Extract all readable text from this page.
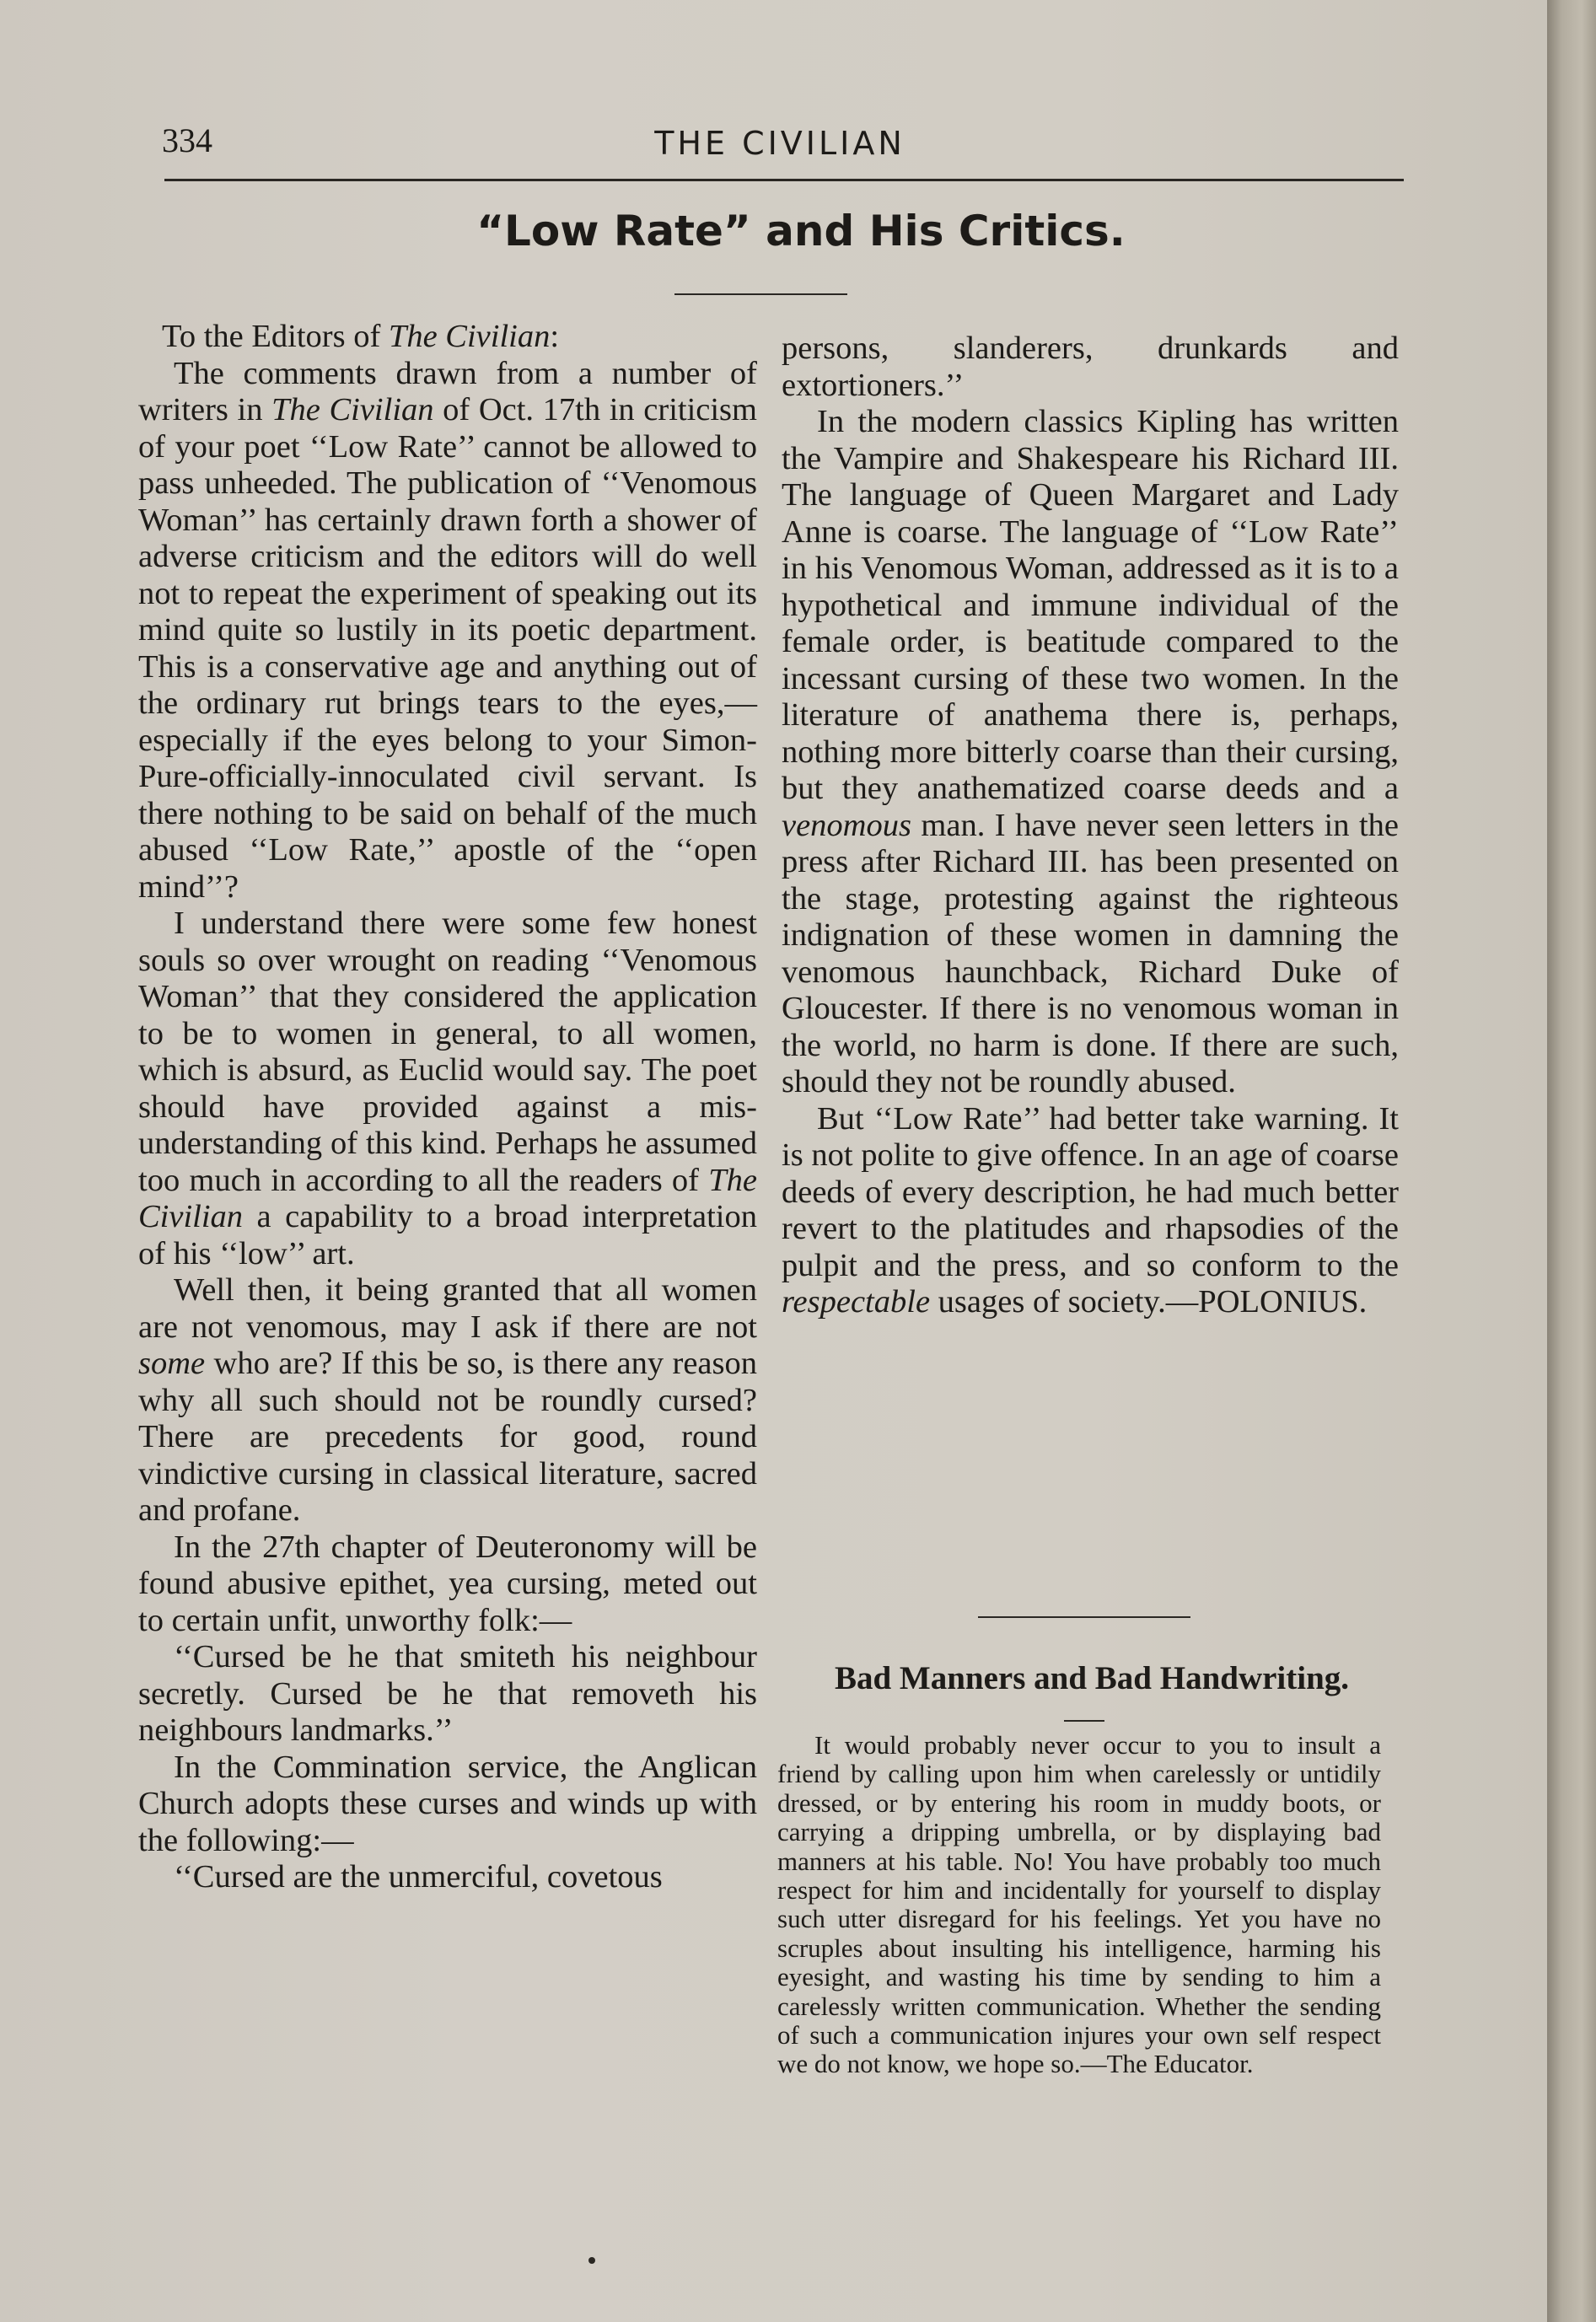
334	THE CIVILIAN
“Low Rate” and His Critics.

To the Editors of The Civilian:

The comments drawn from a number of writers in The Civilian of Oct. 17th in criticism of your poet ‘‘Low Rate’’ cannot be allowed to pass unheeded. The publication of ‘‘Venomous Woman’’ has certainly drawn forth a shower of adverse criticism and the editors will do well not to repeat the experiment of speaking out its mind quite so lustily in its poetic department. This is a conservative age and anything out of the ordinary rut brings tears to the eyes,—especially if the eyes belong to your Simon-Pure-officially-innoculated civil servant. Is there nothing to be said on behalf of the much abused ‘‘Low Rate,’’ apostle of the ‘‘open mind’’?

I understand there were some few honest souls so over wrought on reading ‘‘Venomous Woman’’ that they considered the application to be to women in general, to all women, which is absurd, as Euclid would say. The poet should have provided against a mis-understanding of this kind. Perhaps he assumed too much in according to all the readers of The Civilian a capability to a broad interpretation of his ‘‘low’’ art.

Well then, it being granted that all women are not venomous, may I ask if there are not some who are? If this be so, is there any reason why all such should not be roundly cursed? There are precedents for good, round vindictive cursing in classical literature, sacred and profane.

In the 27th chapter of Deuteronomy will be found abusive epithet, yea cursing, meted out to certain unfit, unworthy folk:—

‘‘Cursed be he that smiteth his neighbour secretly. Cursed be he that removeth his neighbours landmarks.’’

In the Commination service, the Anglican Church adopts these curses and winds up with the following:—

‘‘Cursed are the unmerciful, covetous

persons, slanderers, drunkards and extortioners.’’

In the modern classics Kipling has written the Vampire and Shakespeare his Richard III. The language of Queen Margaret and Lady Anne is coarse. The language of ‘‘Low Rate’’ in his Venomous Woman, addressed as it is to a hypothetical and immune individual of the female order, is beatitude compared to the incessant cursing of these two women. In the literature of anathema there is, perhaps, nothing more bitterly coarse than their cursing, but they anathematized coarse deeds and a venomous man. I have never seen letters in the press after Richard III. has been presented on the stage, protesting against the righteous indignation of these women in damning the venomous haunchback, Richard Duke of Gloucester. If there is no venomous woman in the world, no harm is done. If there are such, should they not be roundly abused.

But ‘‘Low Rate’’ had better take warning. It is not polite to give offence. In an age of coarse deeds of every description, he had much better revert to the platitudes and rhapsodies of the pulpit and the press, and so conform to the respectable usages of society.—POLONIUS.

Bad Manners and Bad Handwriting.

It would probably never occur to you to insult a friend by calling upon him when carelessly or untidily dressed, or by entering his room in muddy boots, or carrying a dripping umbrella, or by displaying bad manners at his table. No! You have probably too much respect for him and incidentally for yourself to display such utter disregard for his feelings. Yet you have no scruples about insulting his intelligence, harming his eyesight, and wasting his time by sending to him a carelessly written communication. Whether the sending of such a communication injures your own self respect we do not know, we hope so.—The Educator.
